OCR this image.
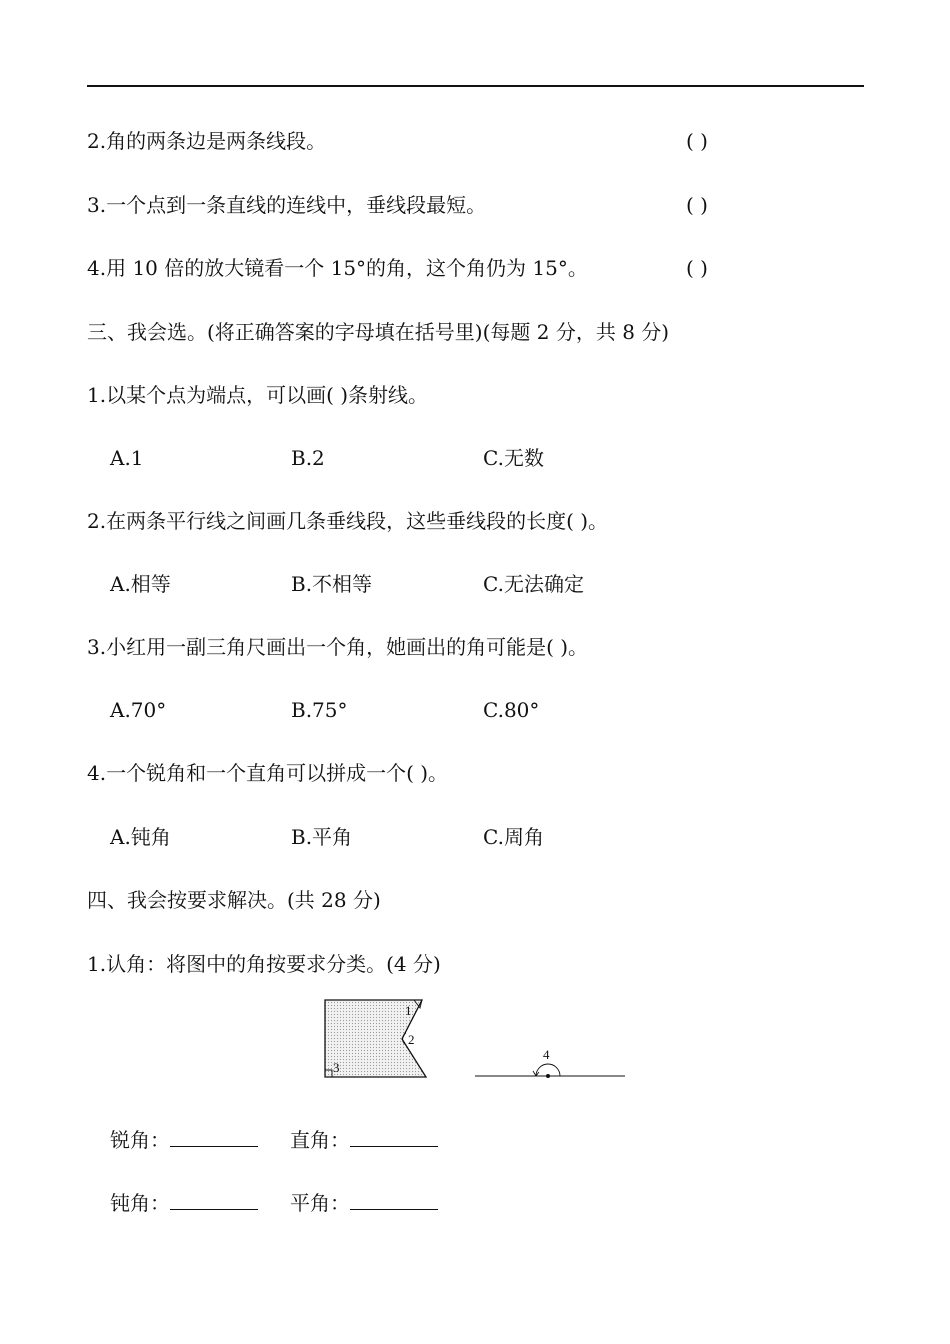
2.角的两条边是两条线段。	( )
3.一个点到一条直线的连线中，垂线段最短。	( )
4.用 10 倍的放大镜看一个 15°的角，这个角仍为 15°。	( )
三、我会选。(将正确答案的字母填在括号里)(每题 2 分，共 8 分)
1.以某个点为端点，可以画( )条射线。
A.1	B.2	C.无数
2.在两条平行线之间画几条垂线段，这些垂线段的长度( )。
A.相等	B.不相等	C.无法确定
3.小红用一副三角尺画出一个角，她画出的角可能是( )。
A.70°	B.75°	C.80°
4.一个锐角和一个直角可以拼成一个( )。
A.钝角	B.平角	C.周角
四、我会按要求解决。(共 28 分)
1.认角：将图中的角按要求分类。(4 分)
1
2
3
4
锐角：	直角：
钝角：	平角：
